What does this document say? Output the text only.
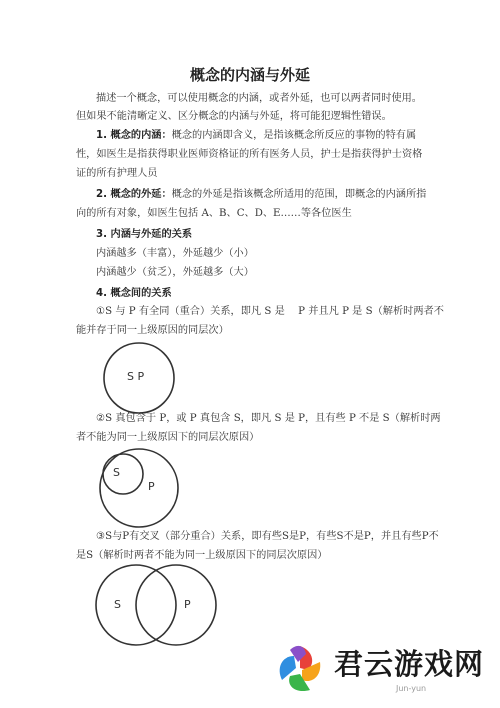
概念的内涵与外延
描述一个概念，可以使用概念的内涵，或者外延，也可以两者同时使用。
但如果不能清晰定义、区分概念的内涵与外延，将可能犯逻辑性错误。
1. 概念的内涵：概念的内涵即含义，是指该概念所反应的事物的特有属
性，如医生是指获得职业医师资格证的所有医务人员，护士是指获得护士资格
证的所有护理人员
2. 概念的外延：概念的外延是指该概念所适用的范围，即概念的内涵所指
向的所有对象，如医生包括 A、B、C、D、E……等各位医生
3. 内涵与外延的关系
内涵越多（丰富），外延越少（小）
内涵越少（贫乏），外延越多（大）
4. 概念间的关系
①S 与 P 有全同（重合）关系，即凡 S 是　 P 并且凡 P 是 S（解析时两者不
能并存于同一上级原因的同层次）
S P
②S 真包含于 P，或 P 真包含 S，即凡 S 是 P，且有些 P 不是 S（解析时两
者不能为同一上级原因下的同层次原因）
S
P
③S与P有交叉（部分重合）关系，即有些S是P，有些S不是P，并且有些P不
是S（解析时两者不能为同一上级原因下的同层次原因）
S	P
君云游戏网
Jun-yun
